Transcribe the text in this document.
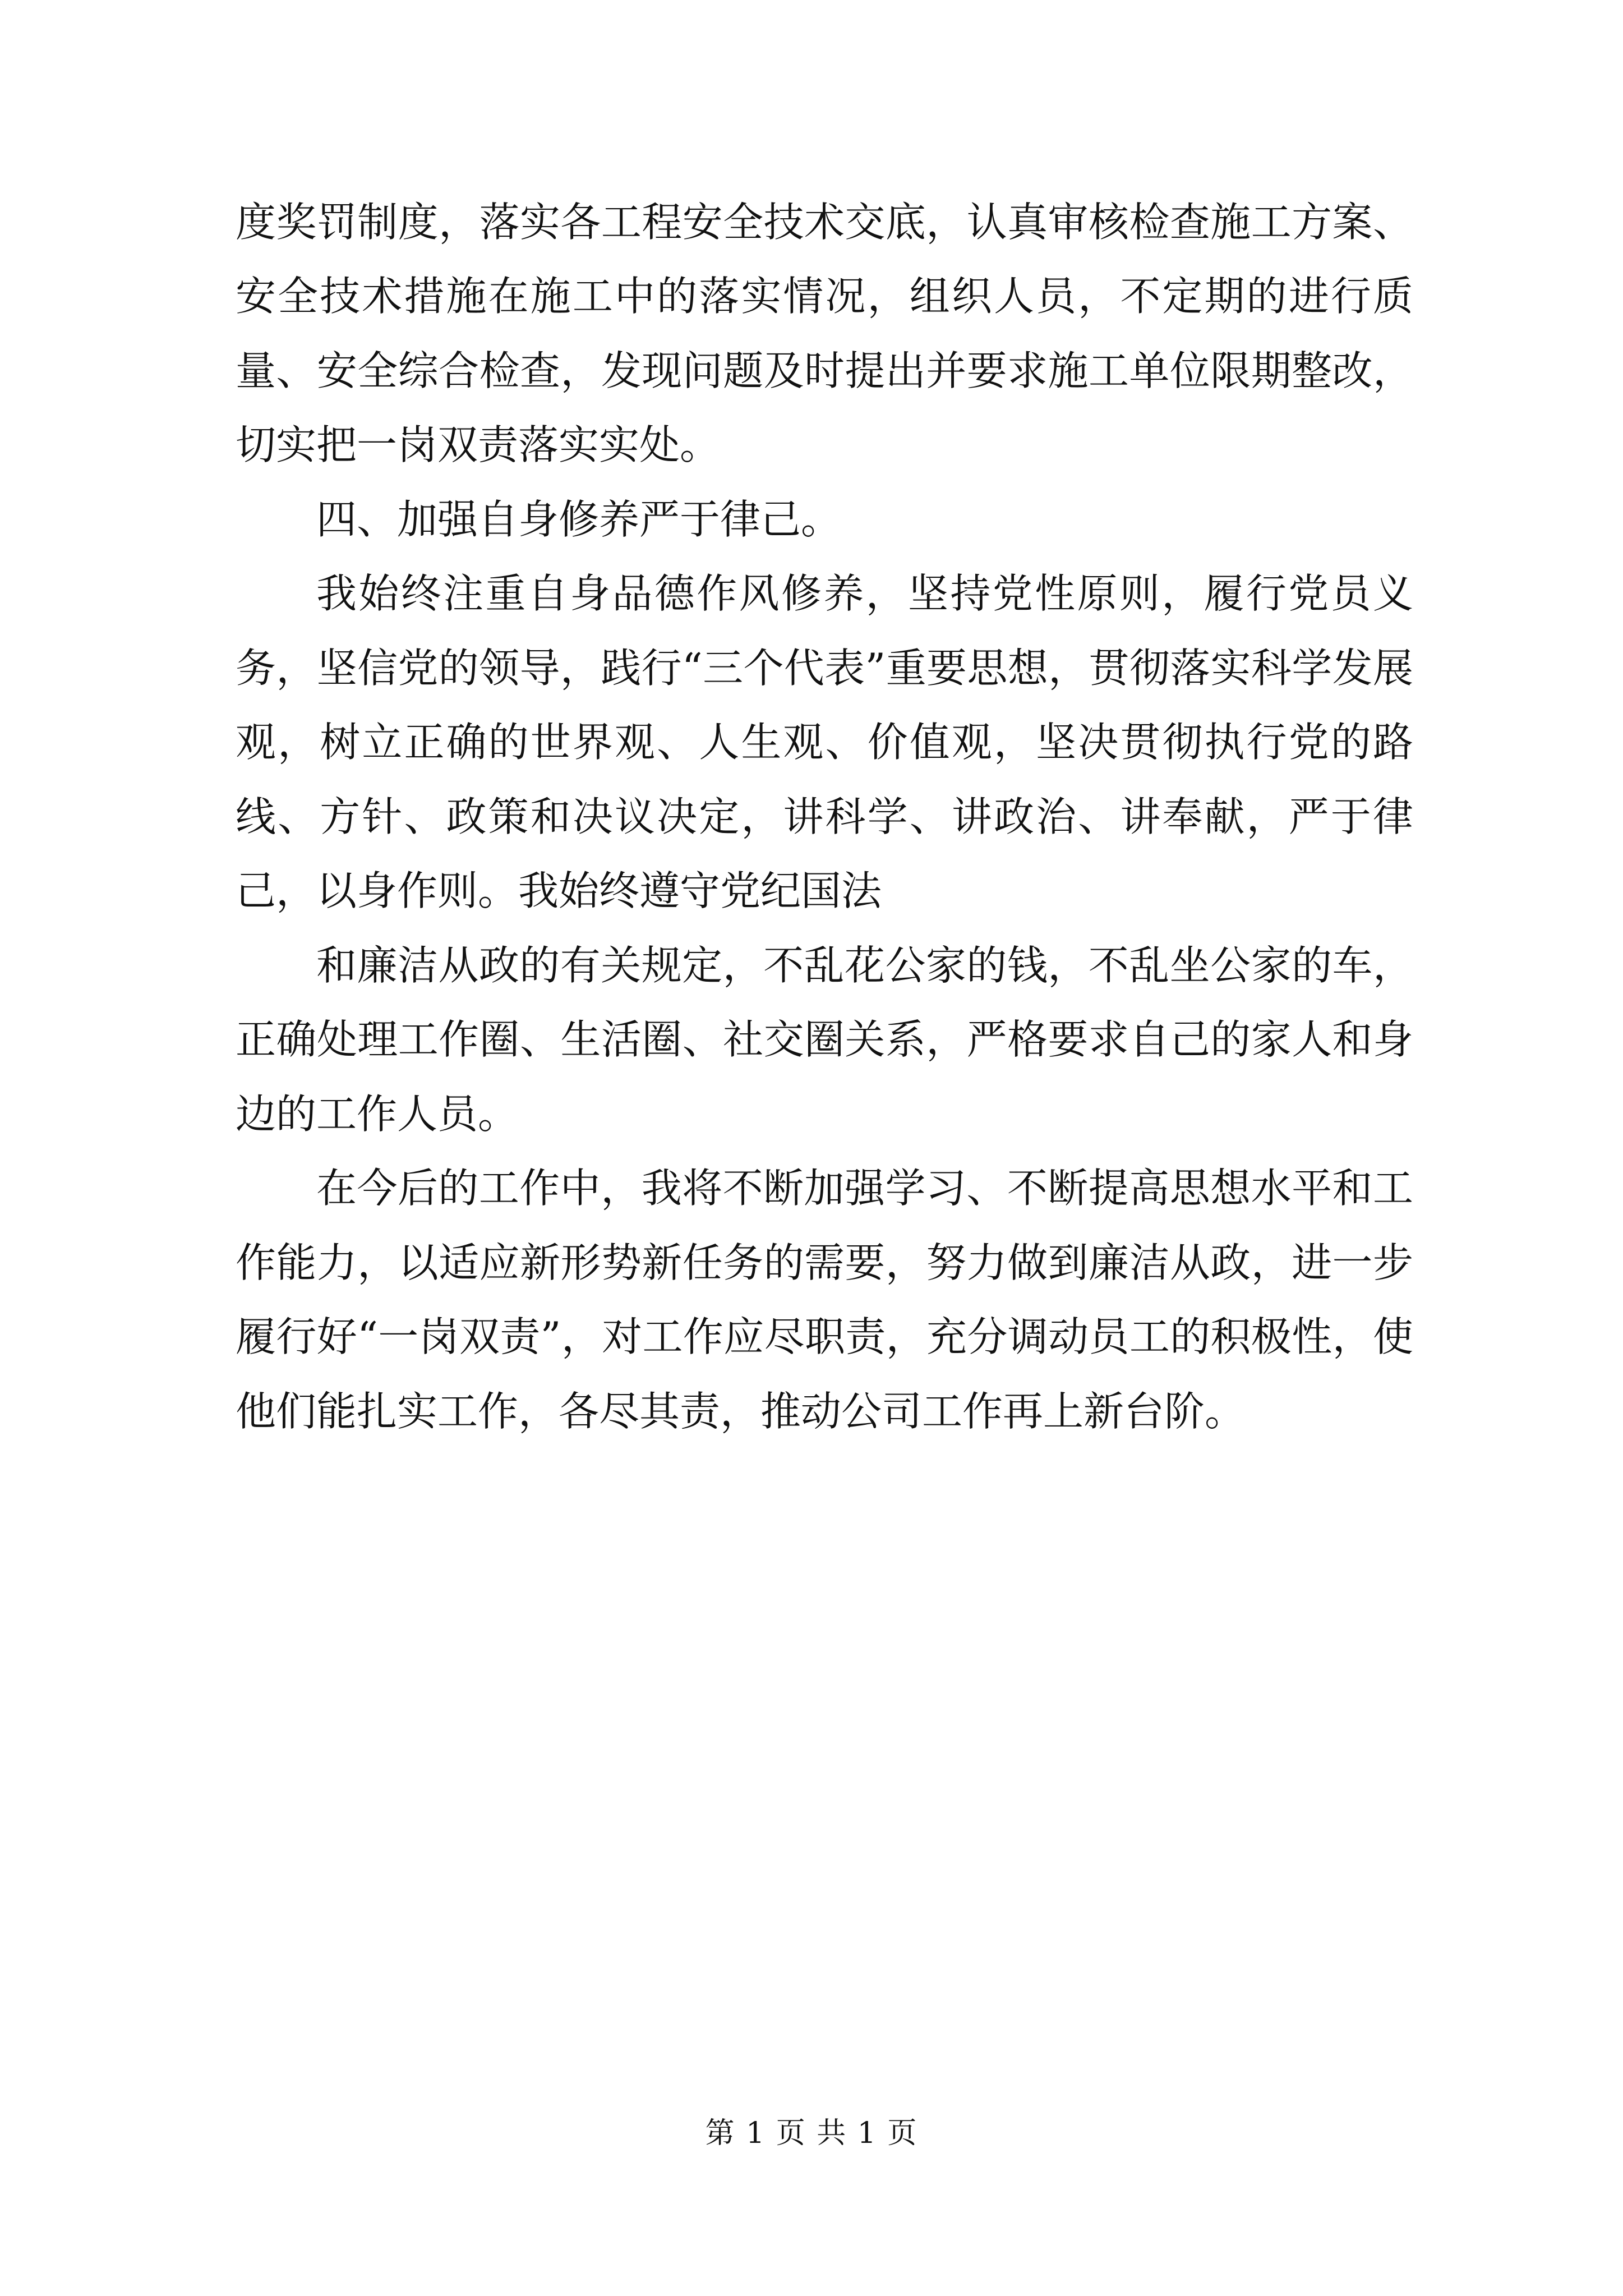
度奖罚制度，落实各工程安全技术交底，认真审核检查施工方案、安全技术措施在施工中的落实情况，组织人员，不定期的进行质量、安全综合检查，发现问题及时提出并要求施工单位限期整改，切实把一岗双责落实实处。

四、加强自身修养严于律己。

我始终注重自身品德作风修养，坚持党性原则，履行党员义务，坚信党的领导，践行“三个代表”重要思想，贯彻落实科学发展观，树立正确的世界观、人生观、价值观，坚决贯彻执行党的路线、方针、政策和决议决定，讲科学、讲政治、讲奉献，严于律己，以身作则。我始终遵守党纪国法

和廉洁从政的有关规定，不乱花公家的钱，不乱坐公家的车，正确处理工作圈、生活圈、社交圈关系，严格要求自己的家人和身边的工作人员。

在今后的工作中，我将不断加强学习、不断提高思想水平和工作能力，以适应新形势新任务的需要，努力做到廉洁从政，进一步履行好“一岗双责”，对工作应尽职责，充分调动员工的积极性，使他们能扎实工作，各尽其责，推动公司工作再上新台阶。

第 1 页 共 1 页
